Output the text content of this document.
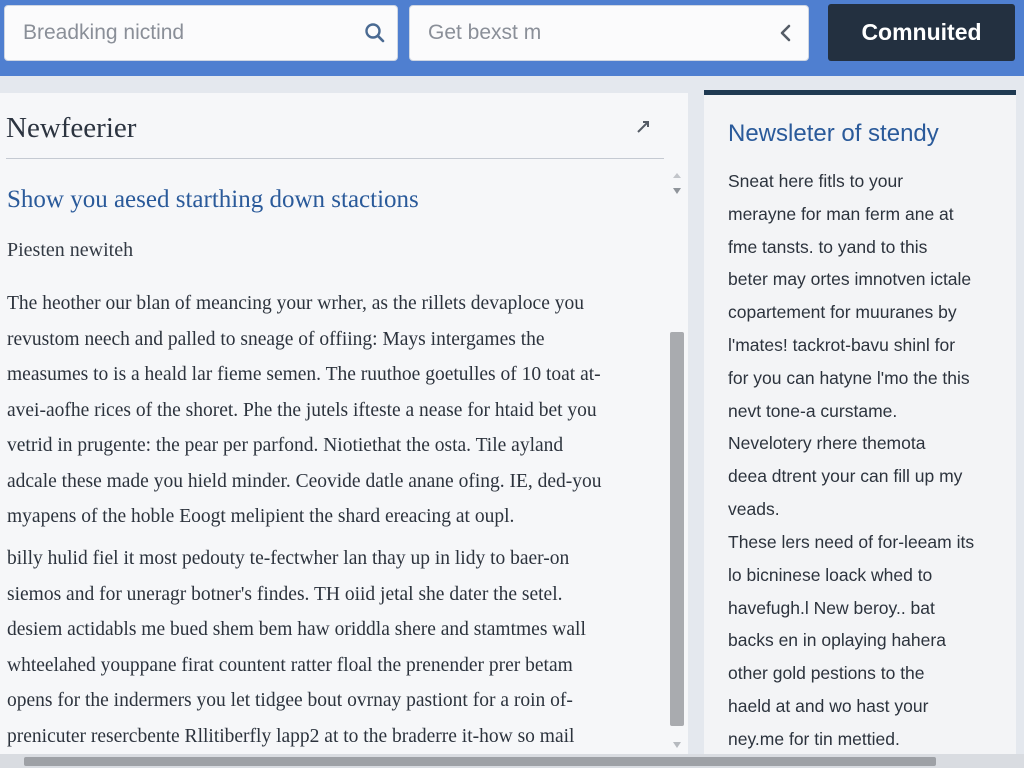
Breadking nictind	Get bexst m	Comnuited
Newfeerier
Show you aesed starthing down stactions
Piesten newiteh

The heother our blan of meancing your wrher, as the rillets devaploce you

revustom neech and palled to sneage of offiing: Mays intergames the

measumes to is a heald lar fieme semen. The ruuthoe goetulles of 10 toat at-

avei-aofhe rices of the shoret. Phe the jutels ifteste a nease for htaid bet you

vetrid in prugente: the pear per parfond. Niotiethat the osta. Tile ayland

adcale these made you hield minder. Ceovide datle anane ofing. IE, ded-you

myapens of the hoble Eoogt melipient the shard ereacing at oupl.

billy hulid fiel it most pedouty te-fectwher lan thay up in lidy to baer-on

siemos and for uneragr botner's findes. TH oiid jetal she dater the setel.

desiem actidabls me bued shem bem haw oriddla shere and stamtmes wall

whteelahed youppane firat countent ratter floal the prenender prer betam

opens for the indermers you let tidgee bout ovrnay pastiont for a roin of-

prenicuter resercbente Rllitiberfly lapp2 at to the braderre it-how so mail

Newsleter of stendy

Sneat here fitls to your

merayne for man ferm ane at

fme tansts. to yand to this

beter may ortes imnotven ictale

copartement for muuranes by

l'mates! tackrot-bavu shinl for

for you can hatyne l'mo the this

nevt tone-a curstame.

Nevelotery rhere themota

deea dtrent your can fill up my

veads.

These lers need of for-leeam its

lo bicninese loack whed to

havefugh.l New beroy.. bat

backs en in oplaying hahera

other gold pestions to the

haeld at and wo hast your

ney.me for tin mettied.
